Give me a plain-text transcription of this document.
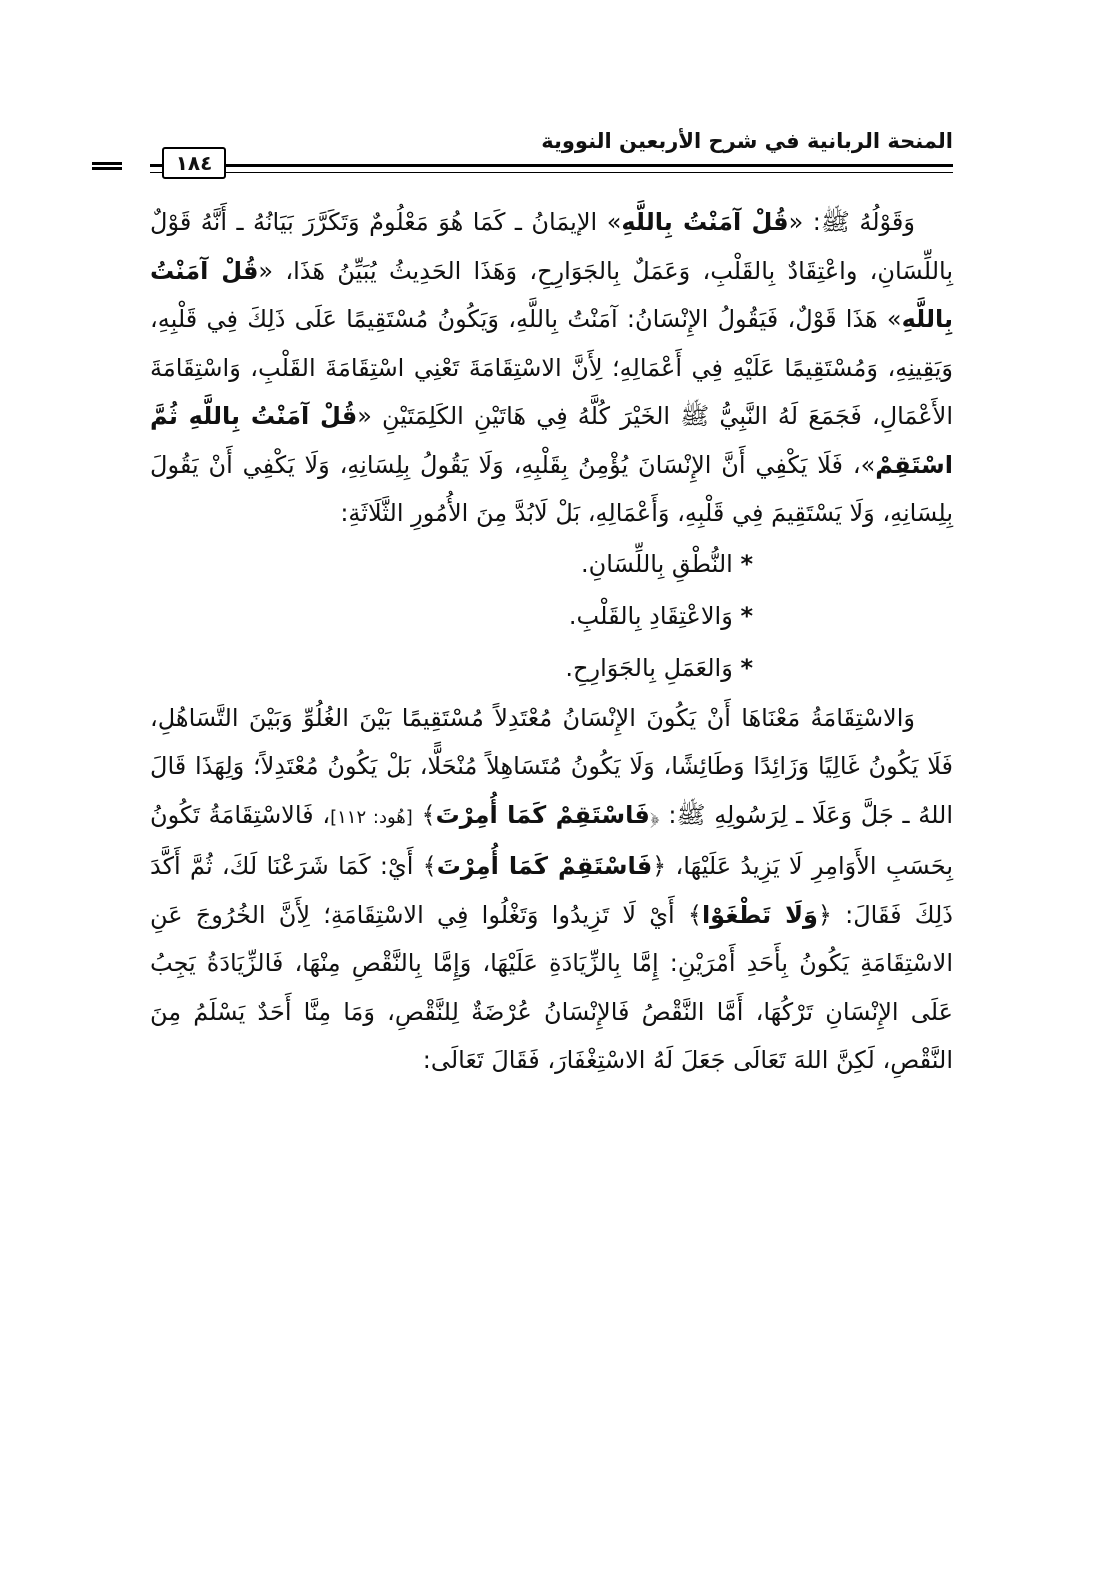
المنحة الربانية في شرح الأربعين النووية
١٨٤

وَقَوْلُهُ ﷺ: «قُلْ آمَنْتُ بِاللَّهِ» الإيمَانُ ـ كَمَا هُوَ مَعْلُومٌ وَتَكَرَّرَ بَيَانُهُ ـ أَنَّهُ قَوْلٌ بِاللِّسَانِ، واعْتِقَادٌ بِالقَلْبِ، وَعَمَلٌ بِالجَوَارِحِ، وَهَذَا الحَدِيثُ يُبَيِّنُ هَذَا، «قُلْ آمَنْتُ بِاللَّهِ» هَذَا قَوْلٌ، فَيَقُولُ الإِنْسَانُ: آمَنْتُ بِاللَّهِ، وَيَكُونُ مُسْتَقِيمًا عَلَى ذَلِكَ فِي قَلْبِهِ، وَيَقِينِهِ، وَمُسْتَقِيمًا عَلَيْهِ فِي أَعْمَالِهِ؛ لِأَنَّ الاسْتِقَامَةَ تَعْنِي اسْتِقَامَةَ القَلْبِ، وَاسْتِقَامَةَ الأَعْمَالِ، فَجَمَعَ لَهُ النَّبِيُّ ﷺ الخَيْرَ كُلَّهُ فِي هَاتَيْنِ الكَلِمَتَيْنِ «قُلْ آمَنْتُ بِاللَّهِ ثُمَّ اسْتَقِمْ»، فَلَا يَكْفِي أَنَّ الإِنْسَانَ يُؤْمِنُ بِقَلْبِهِ، وَلَا يَقُولُ بِلِسَانِهِ، وَلَا يَكْفِي أَنْ يَقُولَ بِلِسَانِهِ، وَلَا يَسْتَقِيمَ فِي قَلْبِهِ، وَأَعْمَالِهِ، بَلْ لَابُدَّ مِنَ الأُمُورِ الثَّلَاثَةِ:

* النُّطْقِ بِاللِّسَانِ.

* وَالاعْتِقَادِ بِالقَلْبِ.

* وَالعَمَلِ بِالجَوَارِحِ.

وَالاسْتِقَامَةُ مَعْنَاهَا أَنْ يَكُونَ الإِنْسَانُ مُعْتَدِلاً مُسْتَقِيمًا بَيْنَ الغُلُوِّ وَبَيْنَ التَّسَاهُلِ، فَلَا يَكُونُ غَالِيًا وَزَائِدًا وَطَائِشًا، وَلَا يَكُونُ مُتَسَاهِلاً مُنْحَلًّا، بَلْ يَكُونُ مُعْتَدِلاً؛ وَلِهَذَا قَالَ اللهُ ـ جَلَّ وَعَلَا ـ لِرَسُولِهِ ﷺ: ﴿فَاسْتَقِمْ كَمَا أُمِرْتَ﴾ [هُود: ١١٢]، فَالاسْتِقَامَةُ تَكُونُ بِحَسَبِ الأَوَامِرِ لَا يَزِيدُ عَلَيْهَا، ﴿فَاسْتَقِمْ كَمَا أُمِرْتَ﴾ أَيْ: كَمَا شَرَعْنَا لَكَ، ثُمَّ أَكَّدَ ذَلِكَ فَقَالَ: ﴿وَلَا تَطْغَوْا﴾ أَيْ لَا تَزِيدُوا وَتَغْلُوا فِي الاسْتِقَامَةِ؛ لِأَنَّ الخُرُوجَ عَنِ الاسْتِقَامَةِ يَكُونُ بِأَحَدِ أَمْرَيْنِ: إِمَّا بِالزِّيَادَةِ عَلَيْهَا، وَإِمَّا بِالنَّقْصِ مِنْهَا، فَالزِّيَادَةُ يَجِبُ عَلَى الإِنْسَانِ تَرْكُهَا، أَمَّا النَّقْصُ فَالإِنْسَانُ عُرْضَةٌ لِلنَّقْصِ، وَمَا مِنَّا أَحَدٌ يَسْلَمُ مِنَ النَّقْصِ، لَكِنَّ اللهَ تَعَالَى جَعَلَ لَهُ الاسْتِغْفَارَ، فَقَالَ تَعَالَى:
